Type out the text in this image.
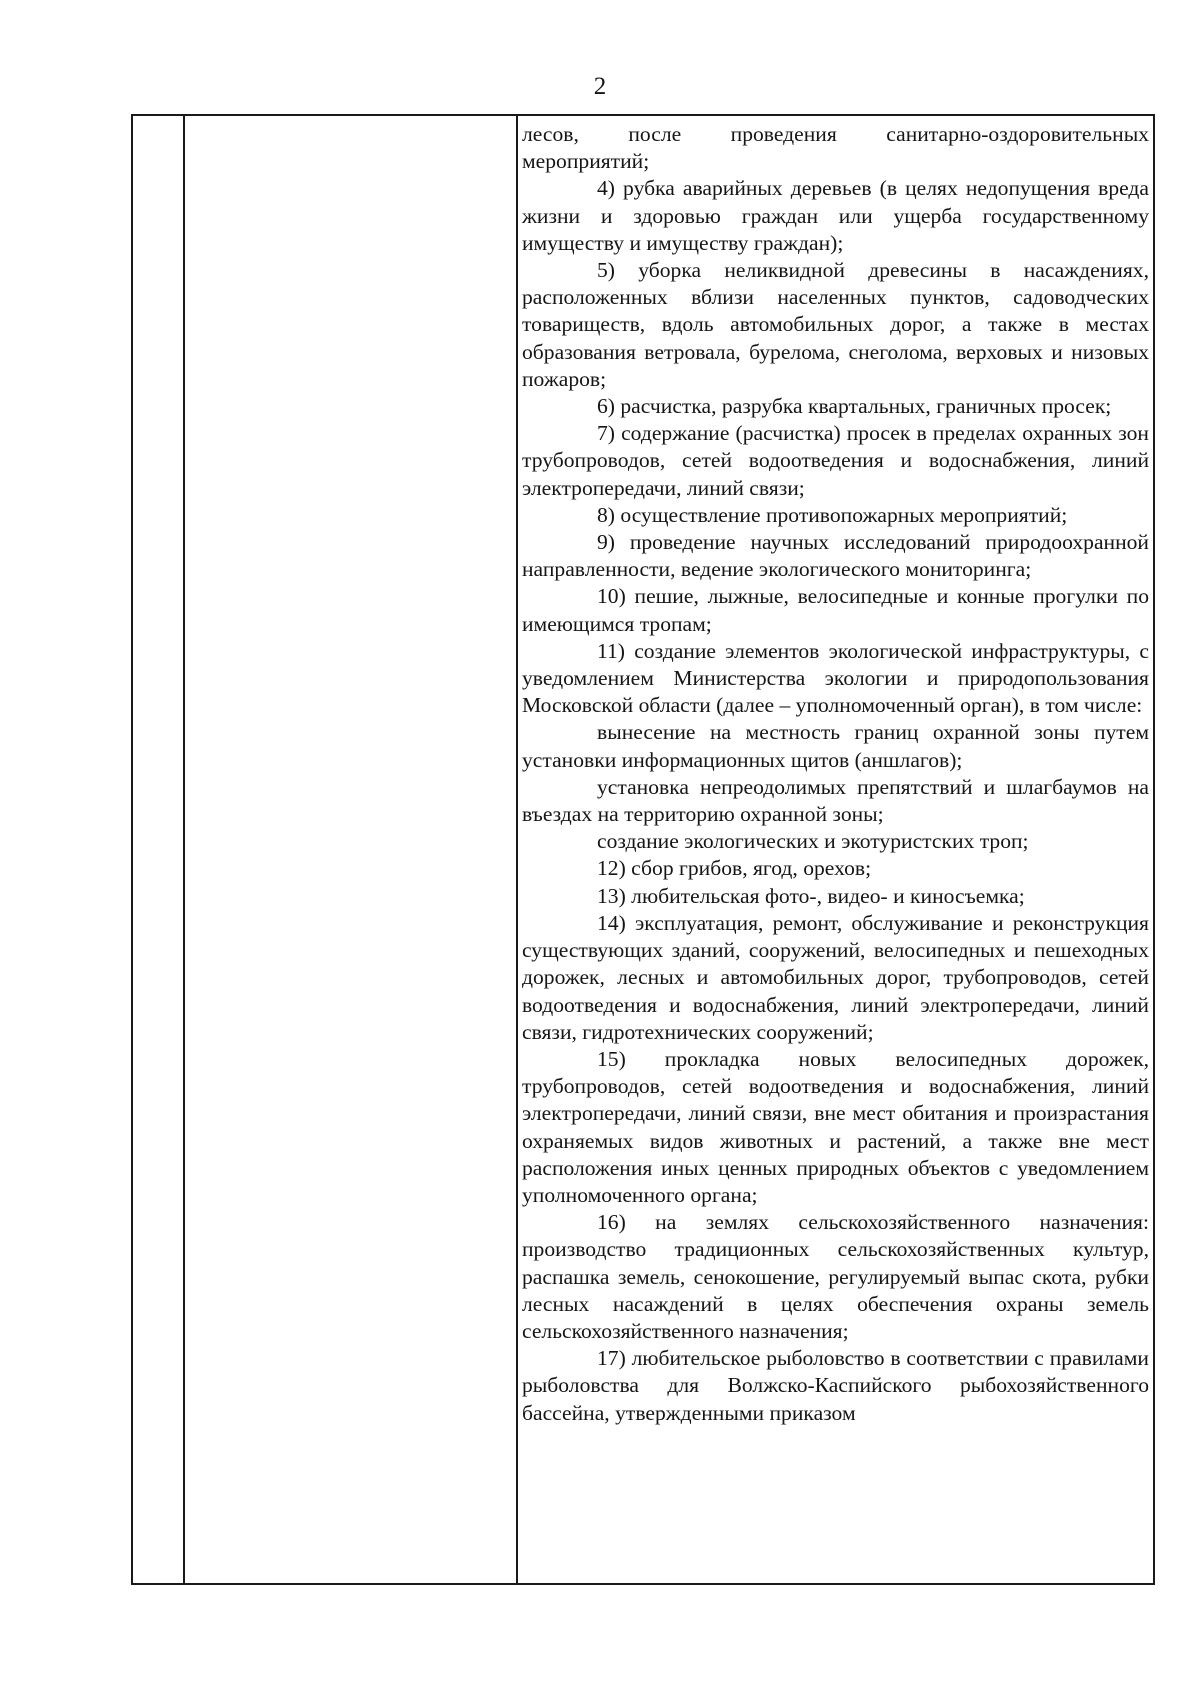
2

лесов, после проведения санитарно-оздоровительных мероприятий;

4) рубка аварийных деревьев (в целях недопущения вреда жизни и здоровью граждан или ущерба государственному имуществу и имуществу граждан);

5) уборка неликвидной древесины в насаждениях, расположенных вблизи населенных пунктов, садоводческих товариществ, вдоль автомобильных дорог, а также в местах образования ветровала, бурелома, снеголома, верховых и низовых пожаров;

6) расчистка, разрубка квартальных, граничных просек;

7) содержание (расчистка) просек в пределах охранных зон трубопроводов, сетей водоотведения и водоснабжения, линий электропередачи, линий связи;

8) осуществление противопожарных мероприятий;

9) проведение научных исследований природоохранной направленности, ведение экологического мониторинга;

10) пешие, лыжные, велосипедные и конные прогулки по имеющимся тропам;

11) создание элементов экологической инфраструктуры, с уведомлением Министерства экологии и природопользования Московской области (далее – уполномоченный орган), в том числе:

вынесение на местность границ охранной зоны путем установки информационных щитов (аншлагов);

установка непреодолимых препятствий и шлагбаумов на въездах на территорию охранной зоны;

создание экологических и экотуристских троп;

12) сбор грибов, ягод, орехов;

13) любительская фото-, видео- и киносъемка;

14) эксплуатация, ремонт, обслуживание и реконструкция существующих зданий, сооружений, велосипедных и пешеходных дорожек, лесных и автомобильных дорог, трубопроводов, сетей водоотведения и водоснабжения, линий электропередачи, линий связи, гидротехнических сооружений;

15) прокладка новых велосипедных дорожек, трубопроводов, сетей водоотведения и водоснабжения, линий электропередачи, линий связи, вне мест обитания и произрастания охраняемых видов животных и растений, а также вне мест расположения иных ценных природных объектов с уведомлением уполномоченного органа;

16) на землях сельскохозяйственного назначения: производство традиционных сельскохозяйственных культур, распашка земель, сенокошение, регулируемый выпас скота, рубки лесных насаждений в целях обеспечения охраны земель сельскохозяйственного назначения;

17) любительское рыболовство в соответствии с правилами рыболовства для Волжско-Каспийского рыбохозяйственного бассейна, утвержденными приказом
